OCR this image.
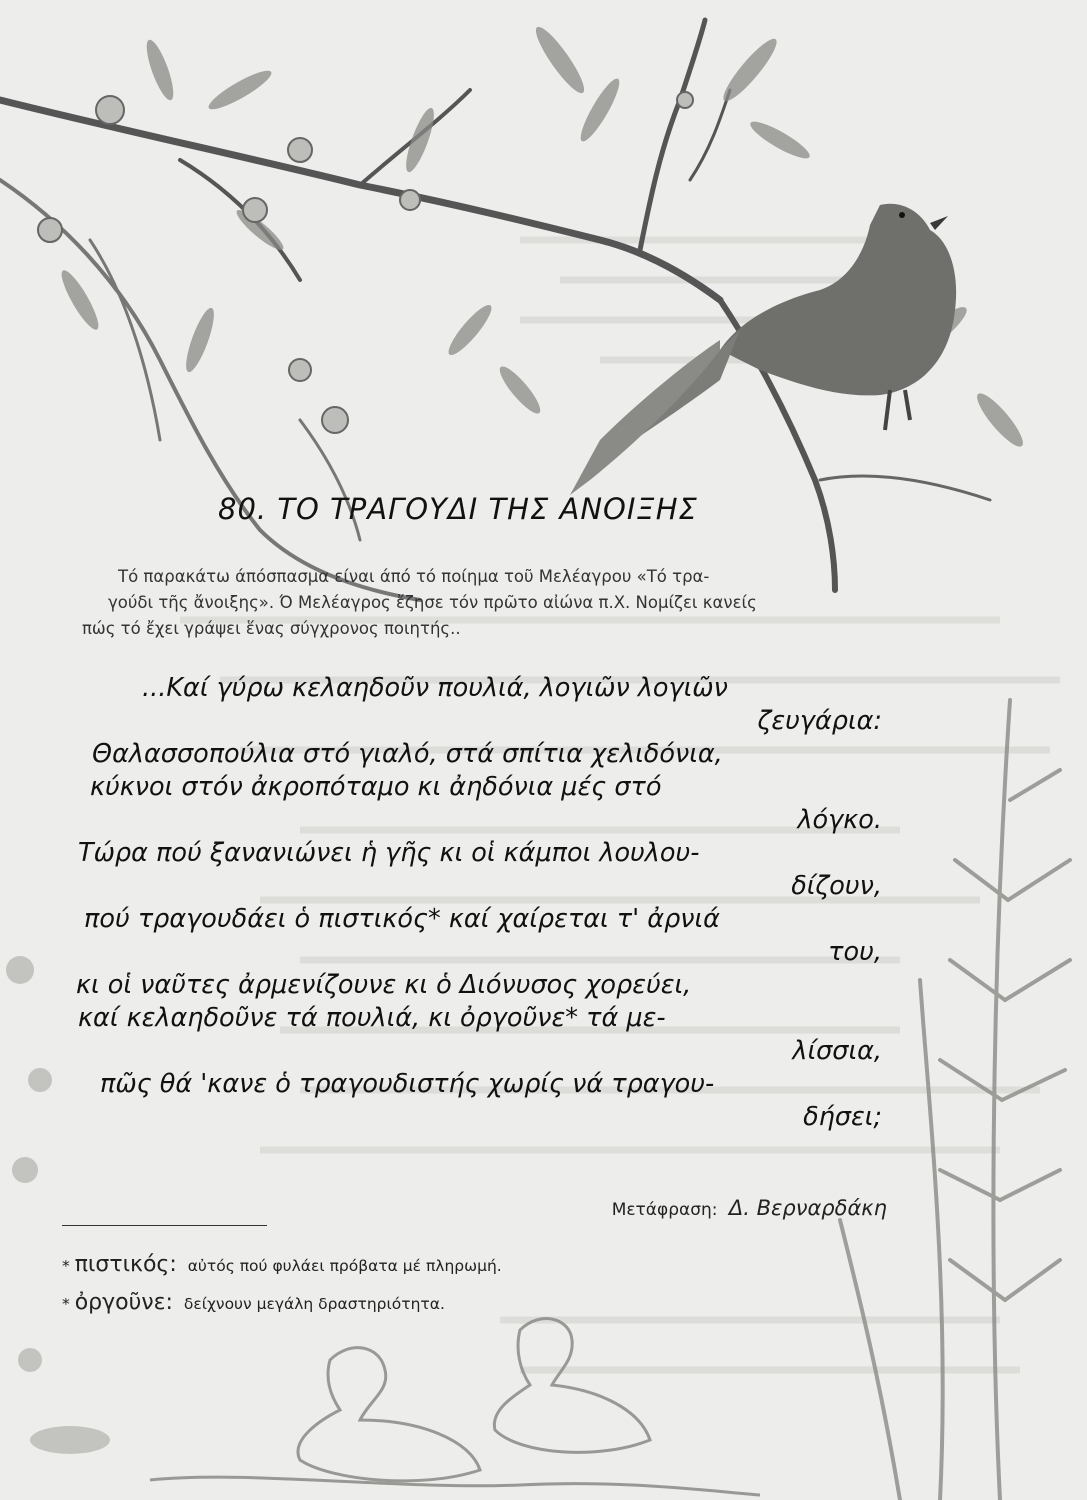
80. ΤΟ ΤΡΑΓΟΥΔΙ ΤΗΣ ΑΝΟΙΞΗΣ
Τό παρακάτω άπόσπασμα είναι άπό τό ποίημα τοῦ Μελέαγρου «Τό τρα-
γούδι τῆς ἄνοιξης». Ό Μελέαγρος ἔζησε τόν πρῶτο αἰώνα π.Χ. Νομίζει κανείς
πώς τό ἔχει γράψει ἕνας σύγχρονος ποιητής..
...Καί γύρω κελαηδοῦν πουλιά, λογιῶν λογιῶν
ζευγάρια:
Θαλασσοπούλια στό γιαλό, στά σπίτια χελιδόνια,
κύκνοι στόν ἀκροπόταμο κι ἀηδόνια μές στό
λόγκο.
Τώρα πού ξανανιώνει ἡ γῆς κι οἱ κάμποι λουλου-
δίζουν,
πού τραγουδάει ὁ πιστικός* καί χαίρεται τ' ἀρνιά
του,
κι οἱ ναῦτες ἀρμενίζουνε κι ὁ Διόνυσος χορεύει,
καί κελαηδοῦνε τά πουλιά, κι ὀργοῦνε* τά με-
λίσσια,
πῶς θά 'κανε ὁ τραγουδιστής χωρίς νά τραγου-
δήσει;
Μετάφραση: Δ. Βερναρδάκη
* πιστικός: αὐτός πού φυλάει πρόβατα μέ πληρωμή.
* ὀργοῦνε: δείχνουν μεγάλη δραστηριότητα.
